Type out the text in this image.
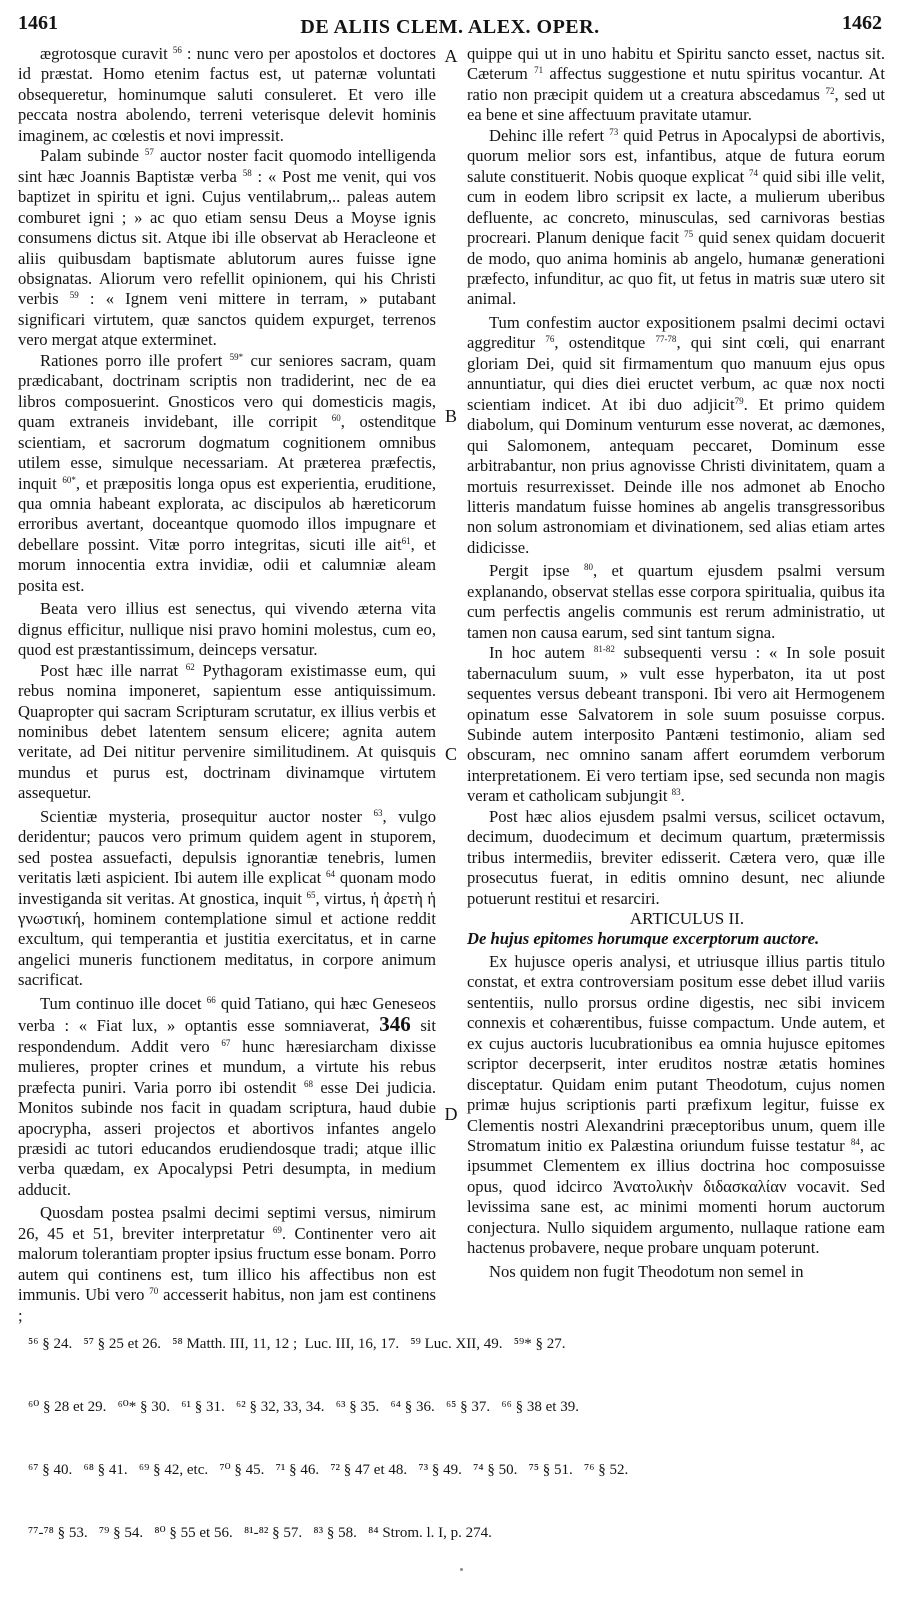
1461	DE ALIIS CLEM. ALEX. OPER.	1462

ægrotosque curavit $^{56}$ : nunc vero per apostolos et doctores id præstat. Homo etenim factus est, ut paternæ voluntati obsequeretur, hominumque saluti consuleret. Et vero ille peccata nostra abolendo, terreni veterisque delevit hominis imaginem, ac cœlestis et novi impressit.

Palam subinde $^{57}$ auctor noster facit quomodo intelligenda sint hæc Joannis Baptistæ verba $^{58}$ : « Post me venit, qui vos baptizet in spiritu et igni. Cujus ventilabrum,.. paleas autem comburet igni ; » ac quo etiam sensu Deus a Moyse ignis consumens dictus sit. Atque ibi ille observat ab Heracleone et aliis quibusdam baptismate ablutorum aures fuisse igne obsignatas. Aliorum vero refellit opinionem, qui his Christi verbis $^{59}$ : « Ignem veni mittere in terram, » putabant significari virtutem, quæ sanctos quidem expurget, terrenos vero mergat atque exterminet.

Rationes porro ille profert $^{59*}$ cur seniores sacram, quam prædicabant, doctrinam scriptis non tradiderint, nec de ea libros composuerint. Gnosticos vero qui domesticis magis, quam extraneis invidebant, ille corripit $^{60}$, ostenditque scientiam, et sacrorum dogmatum cognitionem omnibus utilem esse, simulque necessariam. At præterea præfectis, inquit $^{60*}$, et præpositis longa opus est experientia, eruditione, qua omnia habeant explorata, ac discipulos ab hæreticorum erroribus avertant, doceantque quomodo illos impugnare et debellare possint. Vitæ porro integritas, sicuti ille ait$^{61}$, et morum innocentia extra invidiæ, odii et calumniæ aleam posita est.

Beata vero illius est senectus, qui vivendo æterna vita dignus efficitur, nullique nisi pravo homini molestus, cum eo, quod est præstantissimum, deinceps versatur.

Post hæc ille narrat $^{62}$ Pythagoram existimasse eum, qui rebus nomina imponeret, sapientum esse antiquissimum. Quapropter qui sacram Scripturam scrutatur, ex illius verbis et nominibus debet latentem sensum elicere; agnita autem veritate, ad Dei nititur pervenire similitudinem. At quisquis mundus et purus est, doctrinam divinamque virtutem assequetur.

Scientiæ mysteria, prosequitur auctor noster $^{63}$, vulgo deridentur; paucos vero primum quidem agent in stuporem, sed postea assuefacti, depulsis ignorantiæ tenebris, lumen veritatis læti aspicient. Ibi autem ille explicat $^{64}$ quonam modo investiganda sit veritas. At gnostica, inquit $^{65}$, virtus, ἡ ἀρετὴ ἡ γνωστική, hominem contemplatione simul et actione reddit excultum, qui temperantia et justitia exercitatus, et in carne angelici muneris functionem meditatus, in corpore animum sacrificat.

Tum continuo ille docet $^{66}$ quid Tatiano, qui hæc Geneseos verba : « Fiat lux, » optantis esse somniaverat, 346 sit respondendum. Addit vero $^{67}$ hunc hæresiarcham dixisse mulieres, propter crines et mundum, a virtute his rebus præfecta puniri. Varia porro ibi ostendit $^{68}$ esse Dei judicia. Monitos subinde nos facit in quadam scriptura, haud dubie apocrypha, asseri projectos et abortivos infantes angelo præsidi ac tutori educandos erudiendosque tradi; atque illic verba quædam, ex Apocalypsi Petri desumpta, in medium adducit.

Quosdam postea psalmi decimi septimi versus, nimirum 26, 45 et 51, breviter interpretatur $^{69}$. Continenter vero ait malorum tolerantiam propter ipsius fructum esse bonam. Porro autem qui continens est, tum illico his affectibus non est immunis. Ubi vero $^{70}$ accesserit habitus, non jam est continens ;

A
B
C
D

quippe qui ut in uno habitu et Spiritu sancto esset, nactus sit. Cæterum $^{71}$ affectus suggestione et nutu spiritus vocantur. At ratio non præcipit quidem ut a creatura abscedamus $^{72}$, sed ut ea bene et sine affectuum pravitate utamur.

Dehinc ille refert $^{73}$ quid Petrus in Apocalypsi de abortivis, quorum melior sors est, infantibus, atque de futura eorum salute constituerit. Nobis quoque explicat $^{74}$ quid sibi ille velit, cum in eodem libro scripsit ex lacte, a mulierum uberibus defluente, ac concreto, minusculas, sed carnivoras bestias procreari. Planum denique facit $^{75}$ quid senex quidam docuerit de modo, quo anima hominis ab angelo, humanæ generationi præfecto, infunditur, ac quo fit, ut fetus in matris suæ utero sit animal.

Tum confestim auctor expositionem psalmi decimi octavi aggreditur $^{76}$, ostenditque $^{77-78}$, qui sint cœli, qui enarrant gloriam Dei, quid sit firmamentum quo manuum ejus opus annuntiatur, qui dies diei eructet verbum, ac quæ nox nocti scientiam indicet. At ibi duo adjicit$^{79}$. Et primo quidem diabolum, qui Dominum venturum esse noverat, ac dæmones, qui Salomonem, antequam peccaret, Dominum esse arbitrabantur, non prius agnovisse Christi divinitatem, quam a mortuis resurrexisset. Deinde ille nos admonet ab Enocho litteris mandatum fuisse homines ab angelis transgressoribus non solum astronomiam et divinationem, sed alias etiam artes didicisse.

Pergit ipse $^{80}$, et quartum ejusdem psalmi versum explanando, observat stellas esse corpora spiritualia, quibus ita cum perfectis angelis communis est rerum administratio, ut tamen non causa earum, sed sint tantum signa.

In hoc autem $^{81-82}$ subsequenti versu : « In sole posuit tabernaculum suum, » vult esse hyperbaton, ita ut post sequentes versus debeant transponi. Ibi vero ait Hermogenem opinatum esse Salvatorem in sole suum posuisse corpus. Subinde autem interposito Pantæni testimonio, aliam sed obscuram, nec omnino sanam affert eorumdem verborum interpretationem. Ei vero tertiam ipse, sed secunda non magis veram et catholicam subjungit $^{83}$.

Post hæc alios ejusdem psalmi versus, scilicet octavum, decimum, duodecimum et decimum quartum, prætermissis tribus intermediis, breviter edisserit. Cætera vero, quæ ille prosecutus fuerat, in editis omnino desunt, nec aliunde potuerunt restitui et resarciri.

ARTICULUS II.

De hujus epitomes horumque excerptorum auctore.

Ex hujusce operis analysi, et utriusque illius partis titulo constat, et extra controversiam positum esse debet illud variis sententiis, nullo prorsus ordine digestis, nec sibi invicem connexis et cohærentibus, fuisse compactum. Unde autem, et ex cujus auctoris lucubrationibus ea omnia hujusce epitomes scriptor decerpserit, inter eruditos nostræ ætatis homines disceptatur. Quidam enim putant Theodotum, cujus nomen primæ hujus scriptionis parti præfixum legitur, fuisse ex Clementis nostri Alexandrini præceptoribus unum, quem ille Stromatum initio ex Palæstina oriundum fuisse testatur $^{84}$, ac ipsummet Clementem ex illius doctrina hoc composuisse opus, quod idcirco Ἀνατολικὴν διδασκαλίαν vocavit. Sed levissima sane est, ac minimi momenti horum auctorum conjectura. Nullo siquidem argumento, nullaque ratione eam hactenus probavere, neque probare unquam poterunt.

Nos quidem non fugit Theodotum non semel in

⁵⁶ § 24.   ⁵⁷ § 25 et 26.   ⁵⁸ Matth. III, 11, 12 ;  Luc. III, 16, 17.   ⁵⁹ Luc. XII, 49.   ⁵⁹* § 27.

⁶⁰ § 28 et 29.   ⁶⁰* § 30.   ⁶¹ § 31.   ⁶² § 32, 33, 34.   ⁶³ § 35.   ⁶⁴ § 36.   ⁶⁵ § 37.   ⁶⁶ § 38 et 39.

⁶⁷ § 40.   ⁶⁸ § 41.   ⁶⁹ § 42, etc.   ⁷⁰ § 45.   ⁷¹ § 46.   ⁷² § 47 et 48.   ⁷³ § 49.   ⁷⁴ § 50.   ⁷⁵ § 51.   ⁷⁶ § 52.

⁷⁷-⁷⁸ § 53.   ⁷⁹ § 54.   ⁸⁰ § 55 et 56.   ⁸¹-⁸² § 57.   ⁸³ § 58.   ⁸⁴ Strom. l. I, p. 274.
